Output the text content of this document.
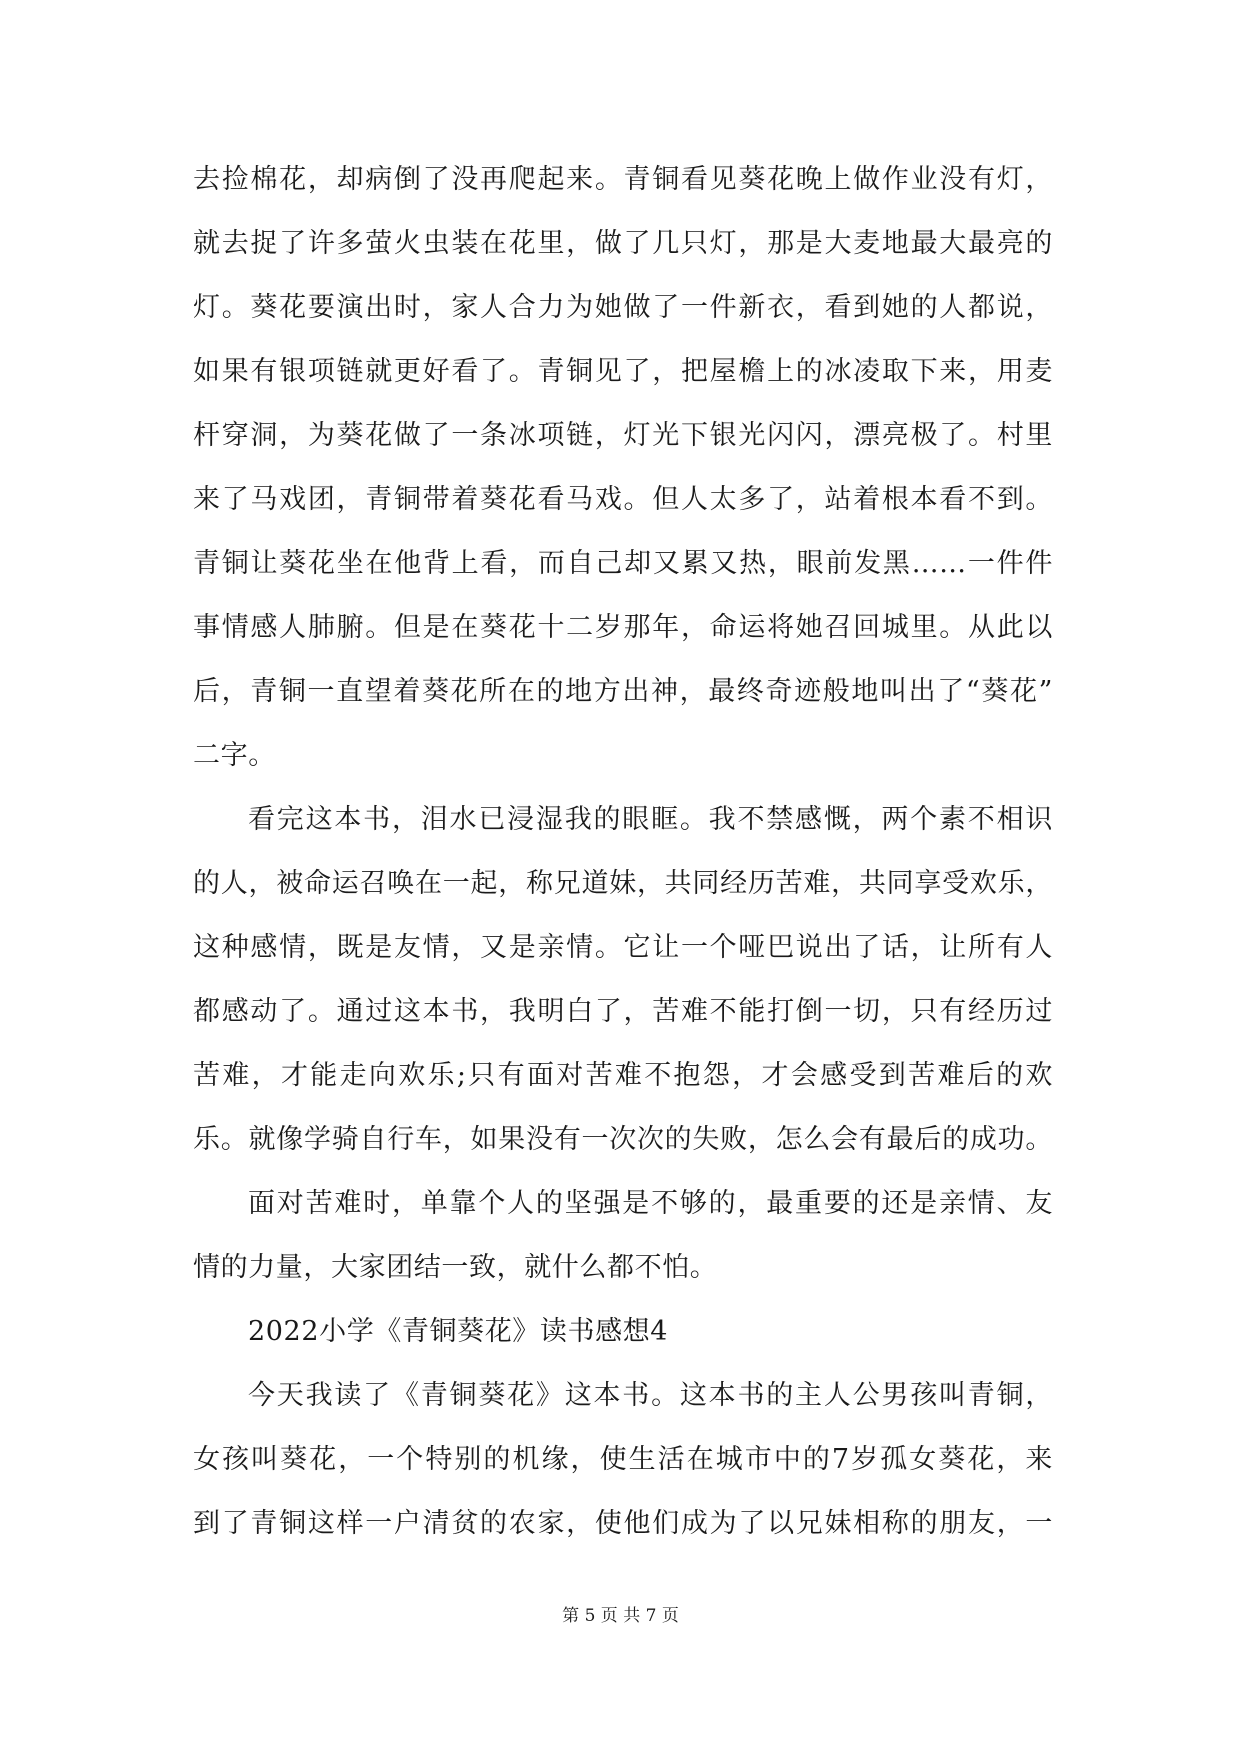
去捡棉花，却病倒了没再爬起来。青铜看见葵花晚上做作业没有灯，
就去捉了许多萤火虫装在花里，做了几只灯，那是大麦地最大最亮的
灯。葵花要演出时，家人合力为她做了一件新衣，看到她的人都说，
如果有银项链就更好看了。青铜见了，把屋檐上的冰凌取下来，用麦
杆穿洞，为葵花做了一条冰项链，灯光下银光闪闪，漂亮极了。村里
来了马戏团，青铜带着葵花看马戏。但人太多了，站着根本看不到。
青铜让葵花坐在他背上看，而自己却又累又热，眼前发黑……一件件
事情感人肺腑。但是在葵花十二岁那年，命运将她召回城里。从此以
后，青铜一直望着葵花所在的地方出神，最终奇迹般地叫出了“葵花”
二字。
看完这本书，泪水已浸湿我的眼眶。我不禁感慨，两个素不相识
的人，被命运召唤在一起，称兄道妹，共同经历苦难，共同享受欢乐，
这种感情，既是友情，又是亲情。它让一个哑巴说出了话，让所有人
都感动了。通过这本书，我明白了，苦难不能打倒一切，只有经历过
苦难，才能走向欢乐;只有面对苦难不抱怨，才会感受到苦难后的欢
乐。就像学骑自行车，如果没有一次次的失败，怎么会有最后的成功。
面对苦难时，单靠个人的坚强是不够的，最重要的还是亲情、友
情的力量，大家团结一致，就什么都不怕。
2022小学《青铜葵花》读书感想4
今天我读了《青铜葵花》这本书。这本书的主人公男孩叫青铜，
女孩叫葵花，一个特别的机缘，使生活在城市中的7岁孤女葵花，来
到了青铜这样一户清贫的农家，使他们成为了以兄妹相称的朋友，一
第 5 页 共 7 页
